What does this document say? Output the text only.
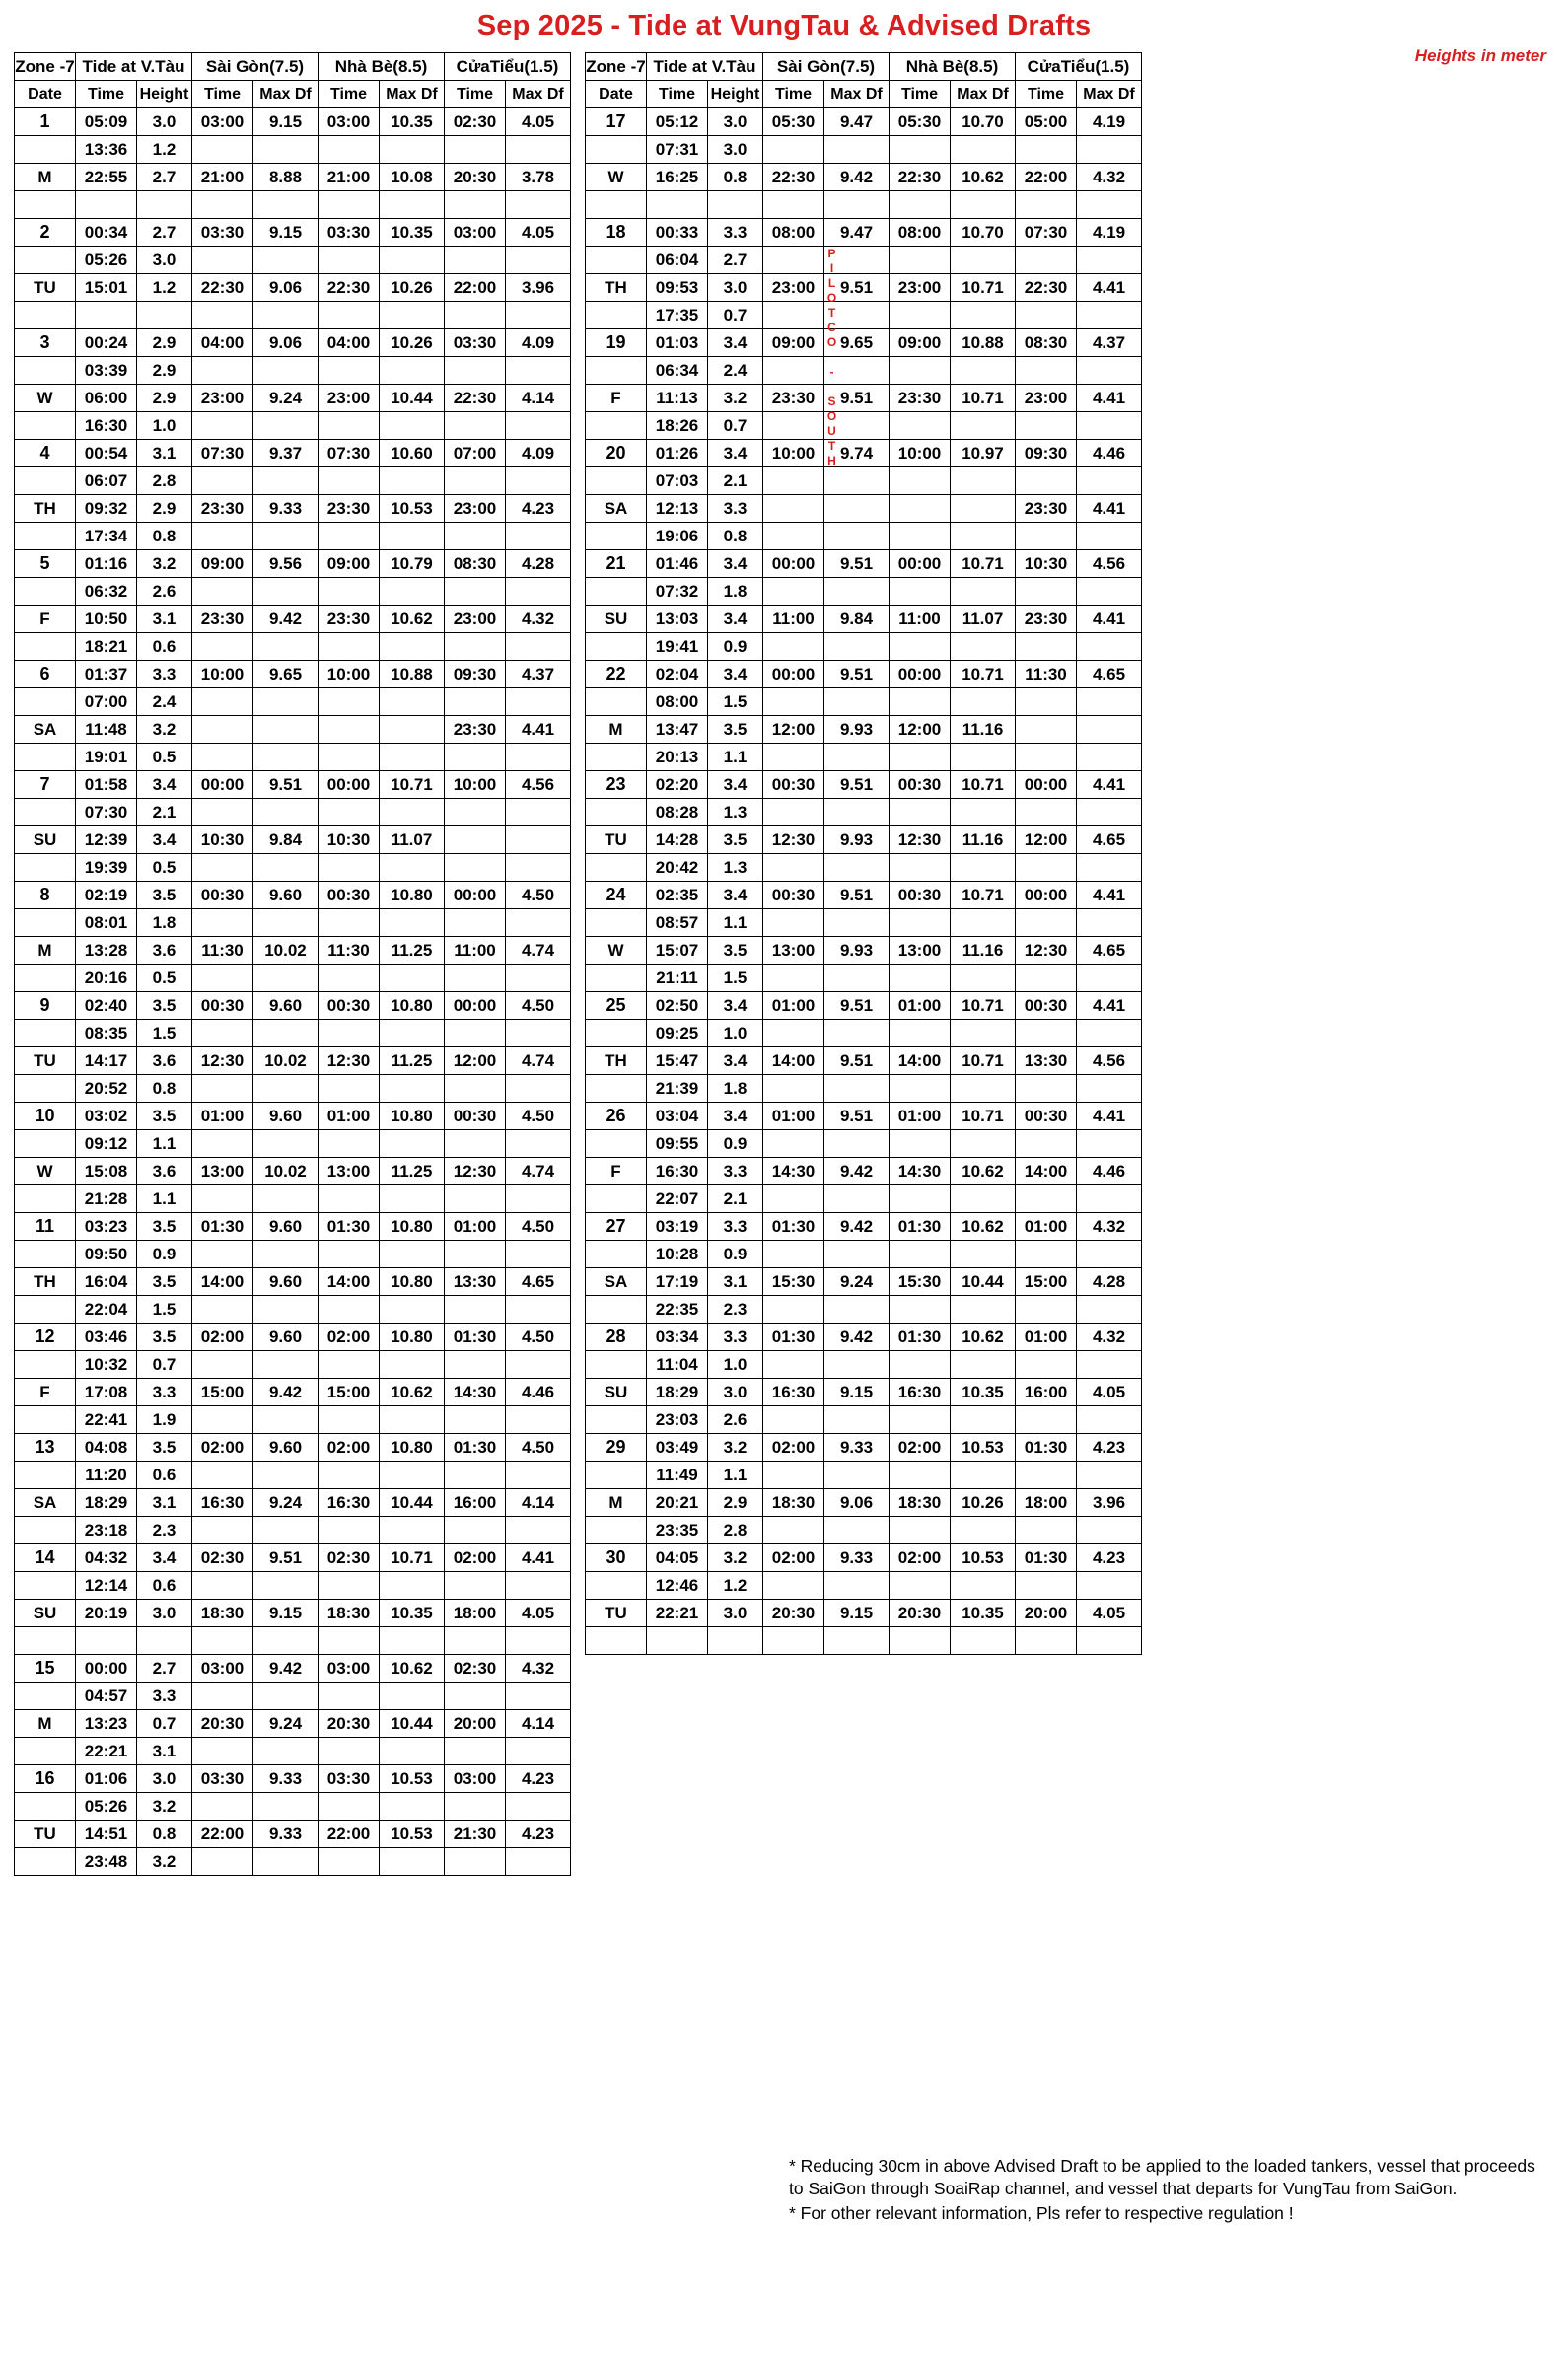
Sep 2025 - Tide at VungTau & Advised Drafts
Heights in meter
P
I
L
O
T
C
O

-

S
O
U
T
H
Zone -7	Tide at V.Tàu		Sài Gòn(7.5)		Nhà Bè(8.5)		CửaTiểu(1.5)	
Date	Time	Height	Time	Max Df	Time	Max Df	Time	Max Df
1	05:09	3.0	03:00	9.15	03:00	10.35	02:30	4.05
	13:36	1.2						
M	22:55	2.7	21:00	8.88	21:00	10.08	20:30	3.78

2	00:34	2.7	03:30	9.15	03:30	10.35	03:00	4.05
	05:26	3.0						
TU	15:01	1.2	22:30	9.06	22:30	10.26	22:00	3.96

3	00:24	2.9	04:00	9.06	04:00	10.26	03:30	4.09
	03:39	2.9						
W	06:00	2.9	23:00	9.24	23:00	10.44	22:30	4.14
	16:30	1.0						
4	00:54	3.1	07:30	9.37	07:30	10.60	07:00	4.09
	06:07	2.8						
TH	09:32	2.9	23:30	9.33	23:30	10.53	23:00	4.23
	17:34	0.8						
5	01:16	3.2	09:00	9.56	09:00	10.79	08:30	4.28
	06:32	2.6						
F	10:50	3.1	23:30	9.42	23:30	10.62	23:00	4.32
	18:21	0.6						
6	01:37	3.3	10:00	9.65	10:00	10.88	09:30	4.37
	07:00	2.4						
SA	11:48	3.2					23:30	4.41
	19:01	0.5						
7	01:58	3.4	00:00	9.51	00:00	10.71	10:00	4.56
	07:30	2.1						
SU	12:39	3.4	10:30	9.84	10:30	11.07		
	19:39	0.5						
8	02:19	3.5	00:30	9.60	00:30	10.80	00:00	4.50
	08:01	1.8						
M	13:28	3.6	11:30	10.02	11:30	11.25	11:00	4.74
	20:16	0.5						
9	02:40	3.5	00:30	9.60	00:30	10.80	00:00	4.50
	08:35	1.5						
TU	14:17	3.6	12:30	10.02	12:30	11.25	12:00	4.74
	20:52	0.8						
10	03:02	3.5	01:00	9.60	01:00	10.80	00:30	4.50
	09:12	1.1						
W	15:08	3.6	13:00	10.02	13:00	11.25	12:30	4.74
	21:28	1.1						
11	03:23	3.5	01:30	9.60	01:30	10.80	01:00	4.50
	09:50	0.9						
TH	16:04	3.5	14:00	9.60	14:00	10.80	13:30	4.65
	22:04	1.5						
12	03:46	3.5	02:00	9.60	02:00	10.80	01:30	4.50
	10:32	0.7						
F	17:08	3.3	15:00	9.42	15:00	10.62	14:30	4.46
	22:41	1.9						
13	04:08	3.5	02:00	9.60	02:00	10.80	01:30	4.50
	11:20	0.6						
SA	18:29	3.1	16:30	9.24	16:30	10.44	16:00	4.14
	23:18	2.3						
14	04:32	3.4	02:30	9.51	02:30	10.71	02:00	4.41
	12:14	0.6						
SU	20:19	3.0	18:30	9.15	18:30	10.35	18:00	4.05

15	00:00	2.7	03:00	9.42	03:00	10.62	02:30	4.32
	04:57	3.3						
M	13:23	0.7	20:30	9.24	20:30	10.44	20:00	4.14
	22:21	3.1						
16	01:06	3.0	03:30	9.33	03:30	10.53	03:00	4.23
	05:26	3.2						
TU	14:51	0.8	22:00	9.33	22:00	10.53	21:30	4.23
	23:48	3.2						
Zone -7	Tide at V.Tàu		Sài Gòn(7.5)		Nhà Bè(8.5)		CửaTiểu(1.5)	
Date	Time	Height	Time	Max Df	Time	Max Df	Time	Max Df
17	05:12	3.0	05:30	9.47	05:30	10.70	05:00	4.19
	07:31	3.0						
W	16:25	0.8	22:30	9.42	22:30	10.62	22:00	4.32

18	00:33	3.3	08:00	9.47	08:00	10.70	07:30	4.19
	06:04	2.7						
TH	09:53	3.0	23:00	9.51	23:00	10.71	22:30	4.41
	17:35	0.7						
19	01:03	3.4	09:00	9.65	09:00	10.88	08:30	4.37
	06:34	2.4						
F	11:13	3.2	23:30	9.51	23:30	10.71	23:00	4.41
	18:26	0.7						
20	01:26	3.4	10:00	9.74	10:00	10.97	09:30	4.46
	07:03	2.1						
SA	12:13	3.3					23:30	4.41
	19:06	0.8						
21	01:46	3.4	00:00	9.51	00:00	10.71	10:30	4.56
	07:32	1.8						
SU	13:03	3.4	11:00	9.84	11:00	11.07	23:30	4.41
	19:41	0.9						
22	02:04	3.4	00:00	9.51	00:00	10.71	11:30	4.65
	08:00	1.5						
M	13:47	3.5	12:00	9.93	12:00	11.16		
	20:13	1.1						
23	02:20	3.4	00:30	9.51	00:30	10.71	00:00	4.41
	08:28	1.3						
TU	14:28	3.5	12:30	9.93	12:30	11.16	12:00	4.65
	20:42	1.3						
24	02:35	3.4	00:30	9.51	00:30	10.71	00:00	4.41
	08:57	1.1						
W	15:07	3.5	13:00	9.93	13:00	11.16	12:30	4.65
	21:11	1.5						
25	02:50	3.4	01:00	9.51	01:00	10.71	00:30	4.41
	09:25	1.0						
TH	15:47	3.4	14:00	9.51	14:00	10.71	13:30	4.56
	21:39	1.8						
26	03:04	3.4	01:00	9.51	01:00	10.71	00:30	4.41
	09:55	0.9						
F	16:30	3.3	14:30	9.42	14:30	10.62	14:00	4.46
	22:07	2.1						
27	03:19	3.3	01:30	9.42	01:30	10.62	01:00	4.32
	10:28	0.9						
SA	17:19	3.1	15:30	9.24	15:30	10.44	15:00	4.28
	22:35	2.3						
28	03:34	3.3	01:30	9.42	01:30	10.62	01:00	4.32
	11:04	1.0						
SU	18:29	3.0	16:30	9.15	16:30	10.35	16:00	4.05
	23:03	2.6						
29	03:49	3.2	02:00	9.33	02:00	10.53	01:30	4.23
	11:49	1.1						
M	20:21	2.9	18:30	9.06	18:30	10.26	18:00	3.96
	23:35	2.8						
30	04:05	3.2	02:00	9.33	02:00	10.53	01:30	4.23
	12:46	1.2						
TU	22:21	3.0	20:30	9.15	20:30	10.35	20:00	4.05

* Reducing 30cm in above Advised Draft to be applied to the loaded tankers, vessel that proceeds to SaiGon through SoaiRap channel, and vessel that departs for VungTau from SaiGon.

* For other relevant information, Pls refer to respective regulation !
